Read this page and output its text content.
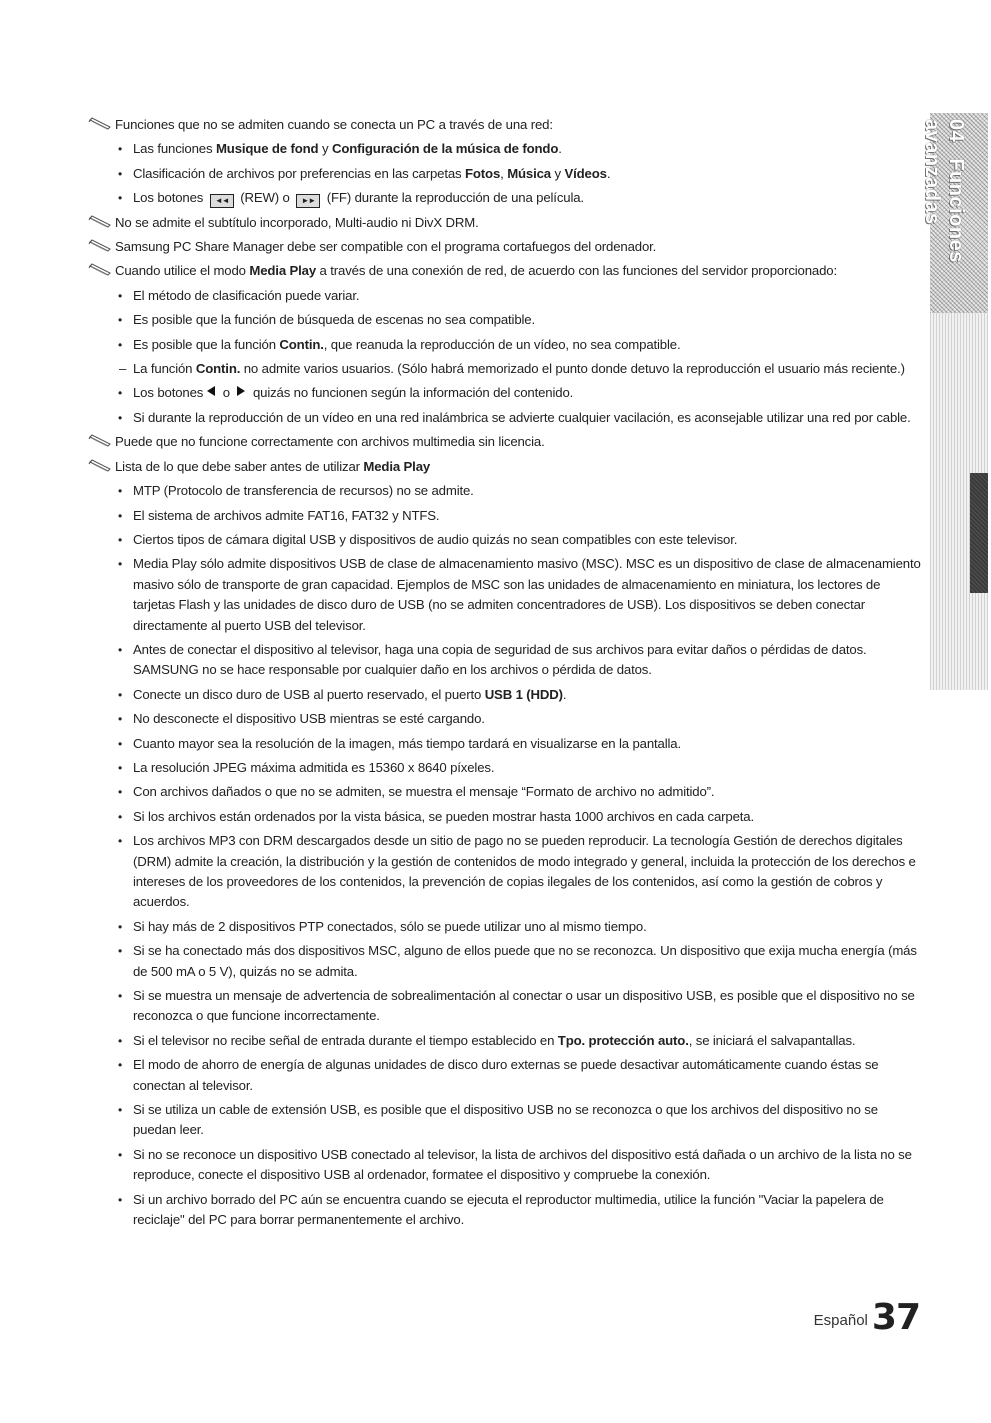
Funciones que no se admiten cuando se conecta un PC a través de una red:
• Las funciones Musique de fond y Configuración de la música de fondo.
• Clasificación de archivos por preferencias en las carpetas Fotos, Música y Vídeos.
• Los botones ◄◄ (REW) o ►► (FF) durante la reproducción de una película.
No se admite el subtítulo incorporado, Multi-audio ni DivX DRM.
Samsung PC Share Manager debe ser compatible con el programa cortafuegos del ordenador.
Cuando utilice el modo Media Play a través de una conexión de red, de acuerdo con las funciones del servidor proporcionado:
• El método de clasificación puede variar.
• Es posible que la función de búsqueda de escenas no sea compatible.
• Es posible que la función Contin., que reanuda la reproducción de un vídeo, no sea compatible.
– La función Contin. no admite varios usuarios. (Sólo habrá memorizado el punto donde detuvo la reproducción el usuario más reciente.)
• Los botones o  quizás no funcionen según la información del contenido.
• Si durante la reproducción de un vídeo en una red inalámbrica se advierte cualquier vacilación, es aconsejable utilizar una red por cable.
Puede que no funcione correctamente con archivos multimedia sin licencia.
Lista de lo que debe saber antes de utilizar Media Play
• MTP (Protocolo de transferencia de recursos) no se admite.
• El sistema de archivos admite FAT16, FAT32 y NTFS.
• Ciertos tipos de cámara digital USB y dispositivos de audio quizás no sean compatibles con este televisor.
• Media Play sólo admite dispositivos USB de clase de almacenamiento masivo (MSC). MSC es un dispositivo de clase de almacenamiento masivo sólo de transporte de gran capacidad. Ejemplos de MSC son las unidades de almacenamiento en miniatura, los lectores de tarjetas Flash y las unidades de disco duro de USB (no se admiten concentradores de USB). Los dispositivos se deben conectar directamente al puerto USB del televisor.
• Antes de conectar el dispositivo al televisor, haga una copia de seguridad de sus archivos para evitar daños o pérdidas de datos. SAMSUNG no se hace responsable por cualquier daño en los archivos o pérdida de datos.
• Conecte un disco duro de USB al puerto reservado, el puerto USB 1 (HDD).
• No desconecte el dispositivo USB mientras se esté cargando.
• Cuanto mayor sea la resolución de la imagen, más tiempo tardará en visualizarse en la pantalla.
• La resolución JPEG máxima admitida es 15360 x 8640 píxeles.
• Con archivos dañados o que no se admiten, se muestra el mensaje “Formato de archivo no admitido”.
• Si los archivos están ordenados por la vista básica, se pueden mostrar hasta 1000 archivos en cada carpeta.
• Los archivos MP3 con DRM descargados desde un sitio de pago no se pueden reproducir. La tecnología Gestión de derechos digitales (DRM) admite la creación, la distribución y la gestión de contenidos de modo integrado y general, incluida la protección de los derechos e intereses de los proveedores de los contenidos, la prevención de copias ilegales de los contenidos, así como la gestión de cobros y acuerdos.
• Si hay más de 2 dispositivos PTP conectados, sólo se puede utilizar uno al mismo tiempo.
• Si se ha conectado más dos dispositivos MSC, alguno de ellos puede que no se reconozca. Un dispositivo que exija mucha energía (más de 500 mA o 5 V), quizás no se admita.
• Si se muestra un mensaje de advertencia de sobrealimentación al conectar o usar un dispositivo USB, es posible que el dispositivo no se reconozca o que funcione incorrectamente.
• Si el televisor no recibe señal de entrada durante el tiempo establecido en Tpo. protección auto., se iniciará el salvapantallas.
• El modo de ahorro de energía de algunas unidades de disco duro externas se puede desactivar automáticamente cuando éstas se conectan al televisor.
• Si se utiliza un cable de extensión USB, es posible que el dispositivo USB no se reconozca o que los archivos del dispositivo no se puedan leer.
• Si no se reconoce un dispositivo USB conectado al televisor, la lista de archivos del dispositivo está dañada o un archivo de la lista no se reproduce, conecte el dispositivo USB al ordenador, formatee el dispositivo y compruebe la conexión.
• Si un archivo borrado del PC aún se encuentra cuando se ejecuta el reproductor multimedia, utilice la función "Vaciar la papelera de reciclaje" del PC para borrar permanentemente el archivo.
04 Funciones avanzadas
Español 37
